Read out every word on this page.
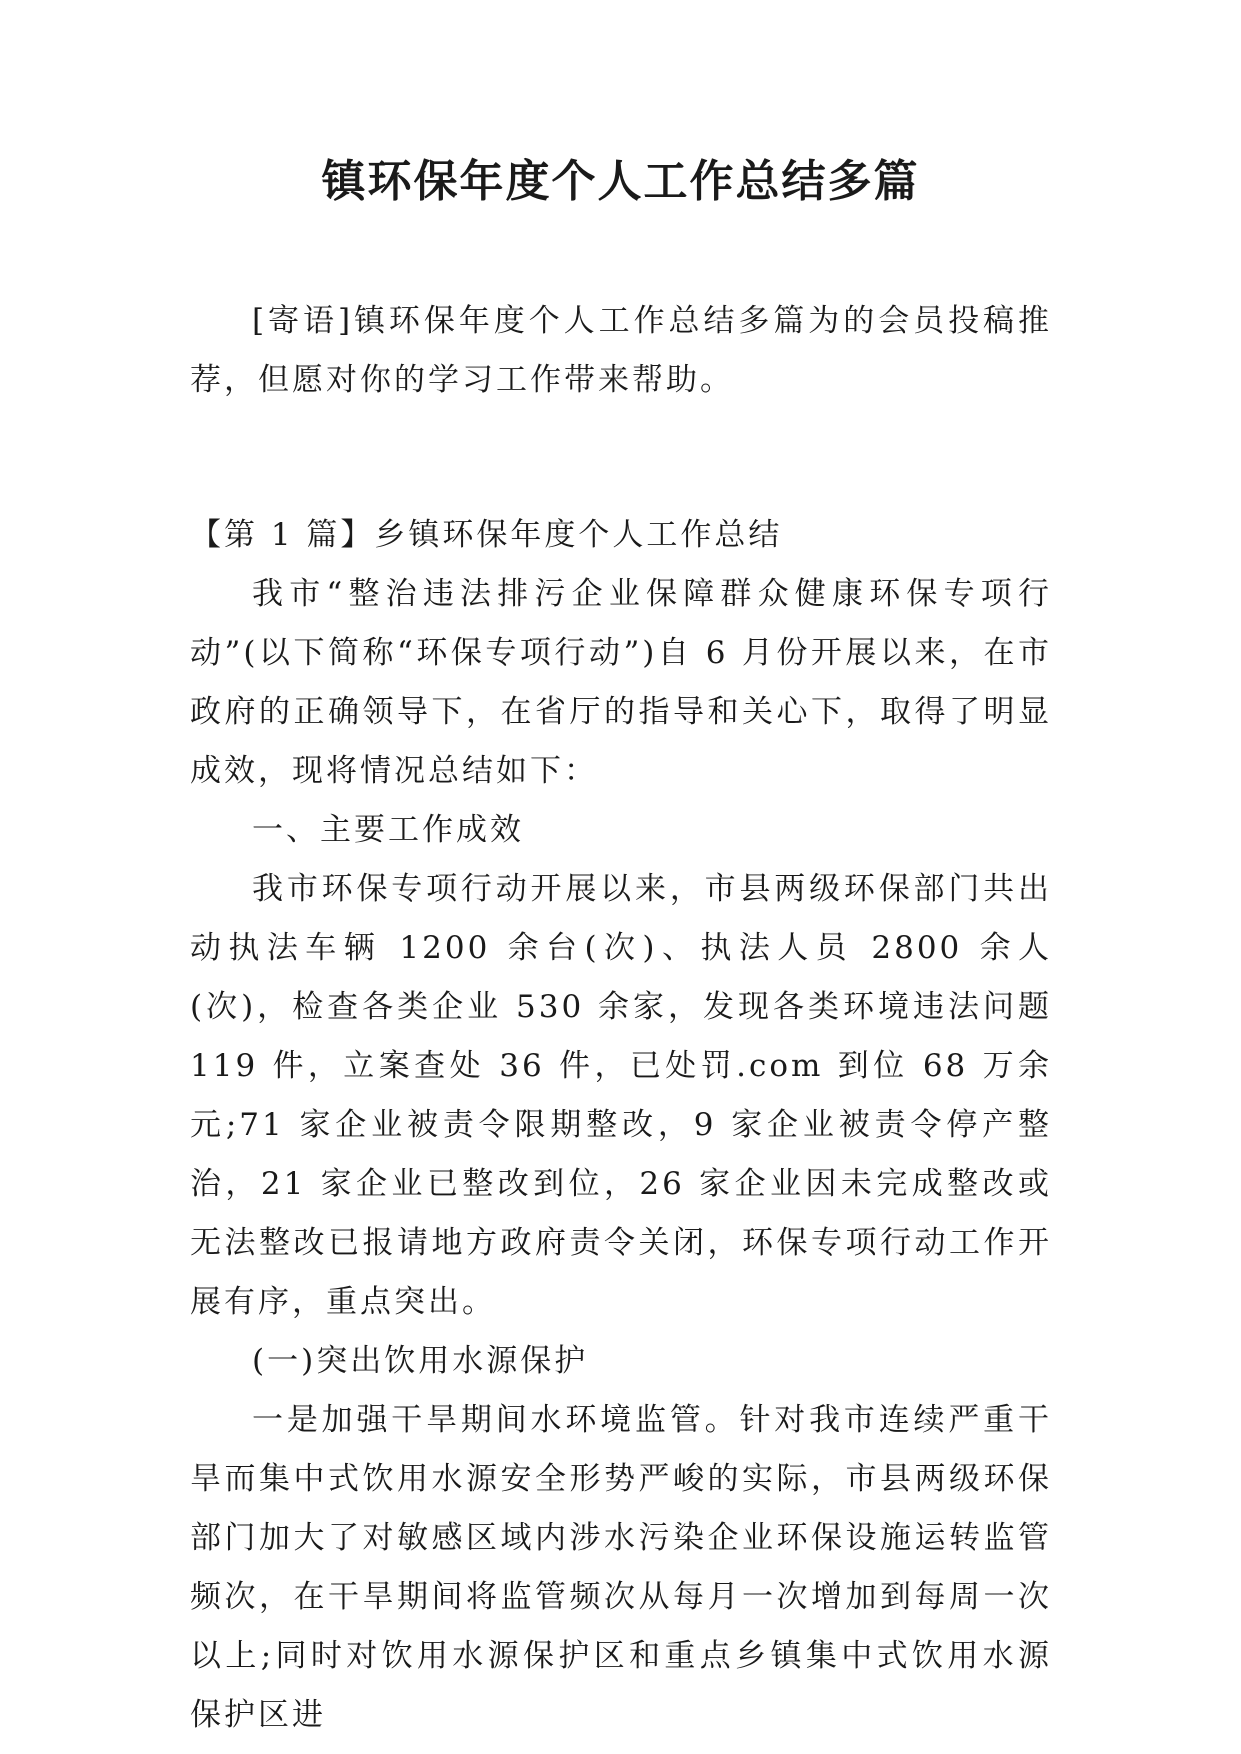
镇环保年度个人工作总结多篇

[寄语]镇环保年度个人工作总结多篇为的会员投稿推荐，但愿对你的学习工作带来帮助。

【第 1 篇】乡镇环保年度个人工作总结

我市“整治违法排污企业保障群众健康环保专项行动”(以下简称“环保专项行动”)自 6 月份开展以来，在市政府的正确领导下，在省厅的指导和关心下，取得了明显成效，现将情况总结如下：

一、主要工作成效

我市环保专项行动开展以来，市县两级环保部门共出动执法车辆 1200 余台(次)、执法人员 2800 余人(次)，检查各类企业 530 余家，发现各类环境违法问题 119 件，立案查处 36 件，已处罚.com 到位 68 万余元;71 家企业被责令限期整改，9 家企业被责令停产整治，21 家企业已整改到位，26 家企业因未完成整改或无法整改已报请地方政府责令关闭，环保专项行动工作开展有序，重点突出。

(一)突出饮用水源保护

一是加强干旱期间水环境监管。针对我市连续严重干旱而集中式饮用水源安全形势严峻的实际，市县两级环保部门加大了对敏感区域内涉水污染企业环保设施运转监管频次，在干旱期间将监管频次从每月一次增加到每周一次以上;同时对饮用水源保护区和重点乡镇集中式饮用水源保护区进
